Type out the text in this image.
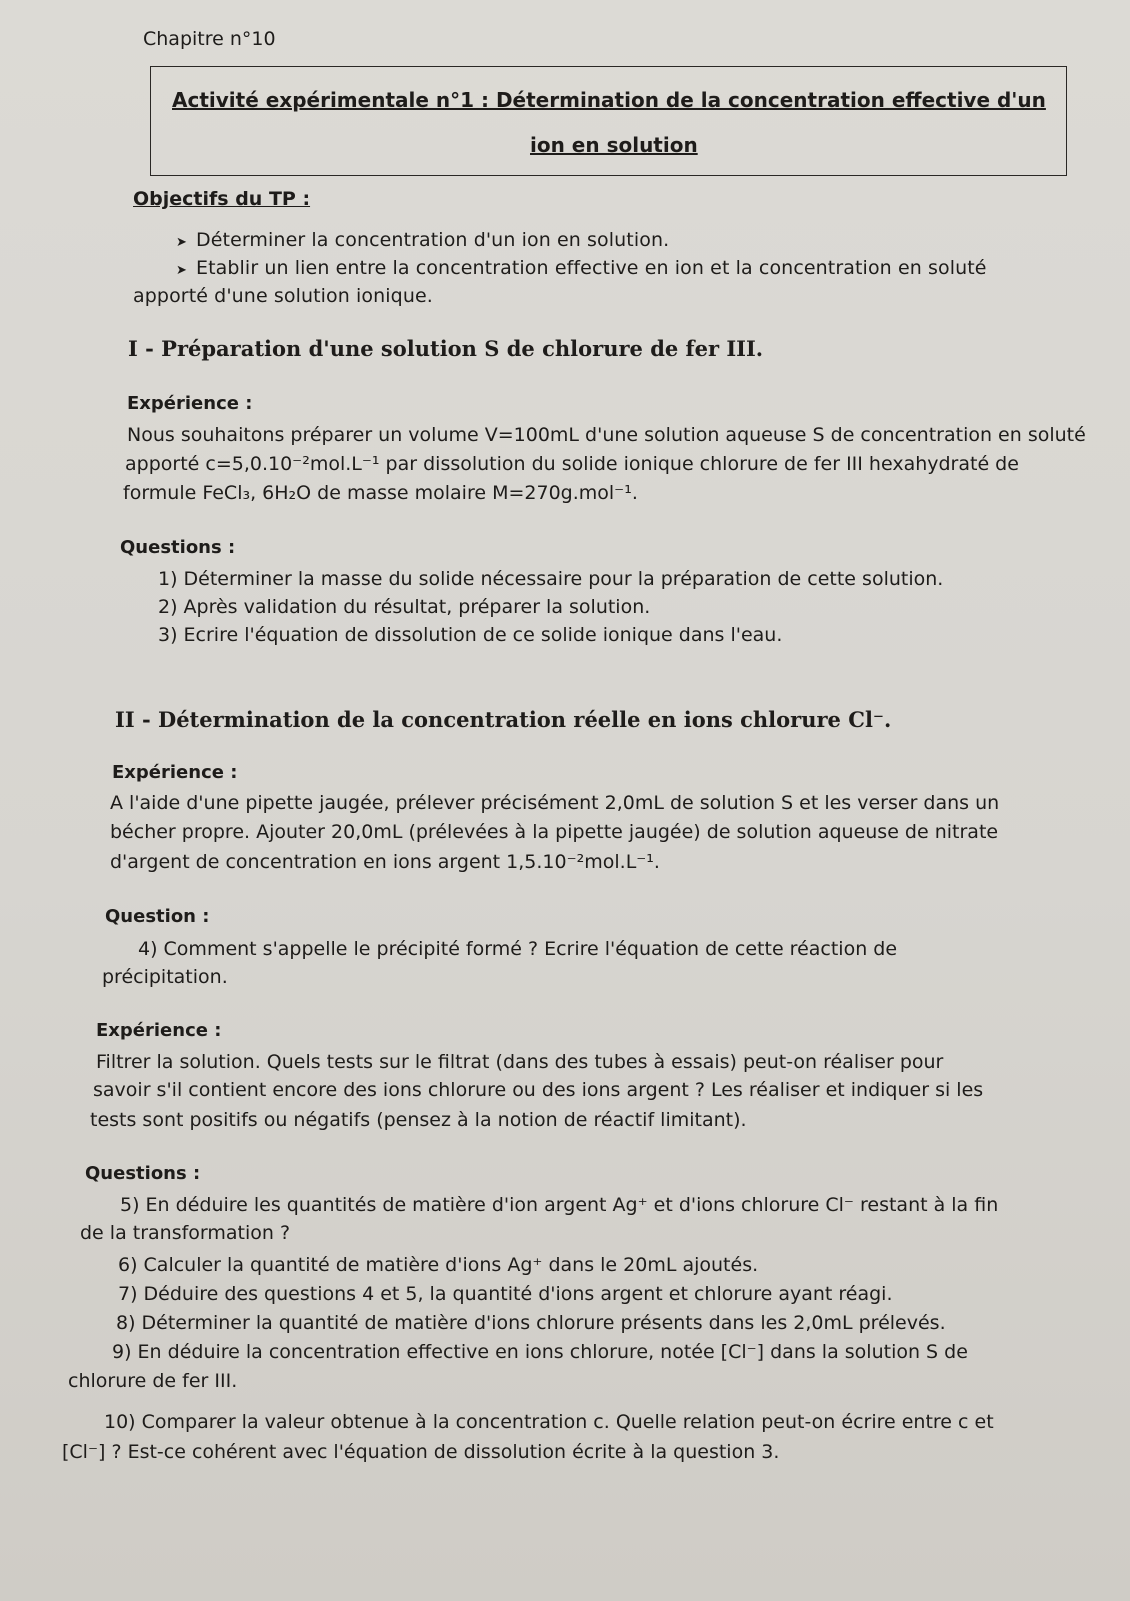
Chapitre n°10
Activité expérimentale n°1 : Détermination de la concentration effective d'un
ion en solution
Objectifs du TP :
➤ Déterminer la concentration d'un ion en solution.
➤ Etablir un lien entre la concentration effective en ion et la concentration en soluté
apporté d'une solution ionique.
I - Préparation d'une solution S de chlorure de fer III.
Expérience :
Nous souhaitons préparer un volume V=100mL d'une solution aqueuse S de concentration en soluté
apporté c=5,0.10⁻²mol.L⁻¹ par dissolution du solide ionique chlorure de fer III hexahydraté de
formule FeCl₃, 6H₂O de masse molaire M=270g.mol⁻¹.
Questions :
1) Déterminer la masse du solide nécessaire pour la préparation de cette solution.
2) Après validation du résultat, préparer la solution.
3) Ecrire l'équation de dissolution de ce solide ionique dans l'eau.
II - Détermination de la concentration réelle en ions chlorure Cl⁻.
Expérience :
A l'aide d'une pipette jaugée, prélever précisément 2,0mL de solution S et les verser dans un
bécher propre. Ajouter 20,0mL (prélevées à la pipette jaugée) de solution aqueuse de nitrate
d'argent de concentration en ions argent 1,5.10⁻²mol.L⁻¹.
Question :
4) Comment s'appelle le précipité formé ? Ecrire l'équation de cette réaction de
précipitation.
Expérience :
Filtrer la solution. Quels tests sur le filtrat (dans des tubes à essais) peut-on réaliser pour
savoir s'il contient encore des ions chlorure ou des ions argent ? Les réaliser et indiquer si les
tests sont positifs ou négatifs (pensez à la notion de réactif limitant).
Questions :
5) En déduire les quantités de matière d'ion argent Ag⁺ et d'ions chlorure Cl⁻ restant à la fin
de la transformation ?
6) Calculer la quantité de matière d'ions Ag⁺ dans le 20mL ajoutés.
7) Déduire des questions 4 et 5, la quantité d'ions argent et chlorure ayant réagi.
8) Déterminer la quantité de matière d'ions chlorure présents dans les 2,0mL prélevés.
9) En déduire la concentration effective en ions chlorure, notée [Cl⁻] dans la solution S de
chlorure de fer III.
10) Comparer la valeur obtenue à la concentration c. Quelle relation peut-on écrire entre c et
[Cl⁻] ? Est-ce cohérent avec l'équation de dissolution écrite à la question 3.
